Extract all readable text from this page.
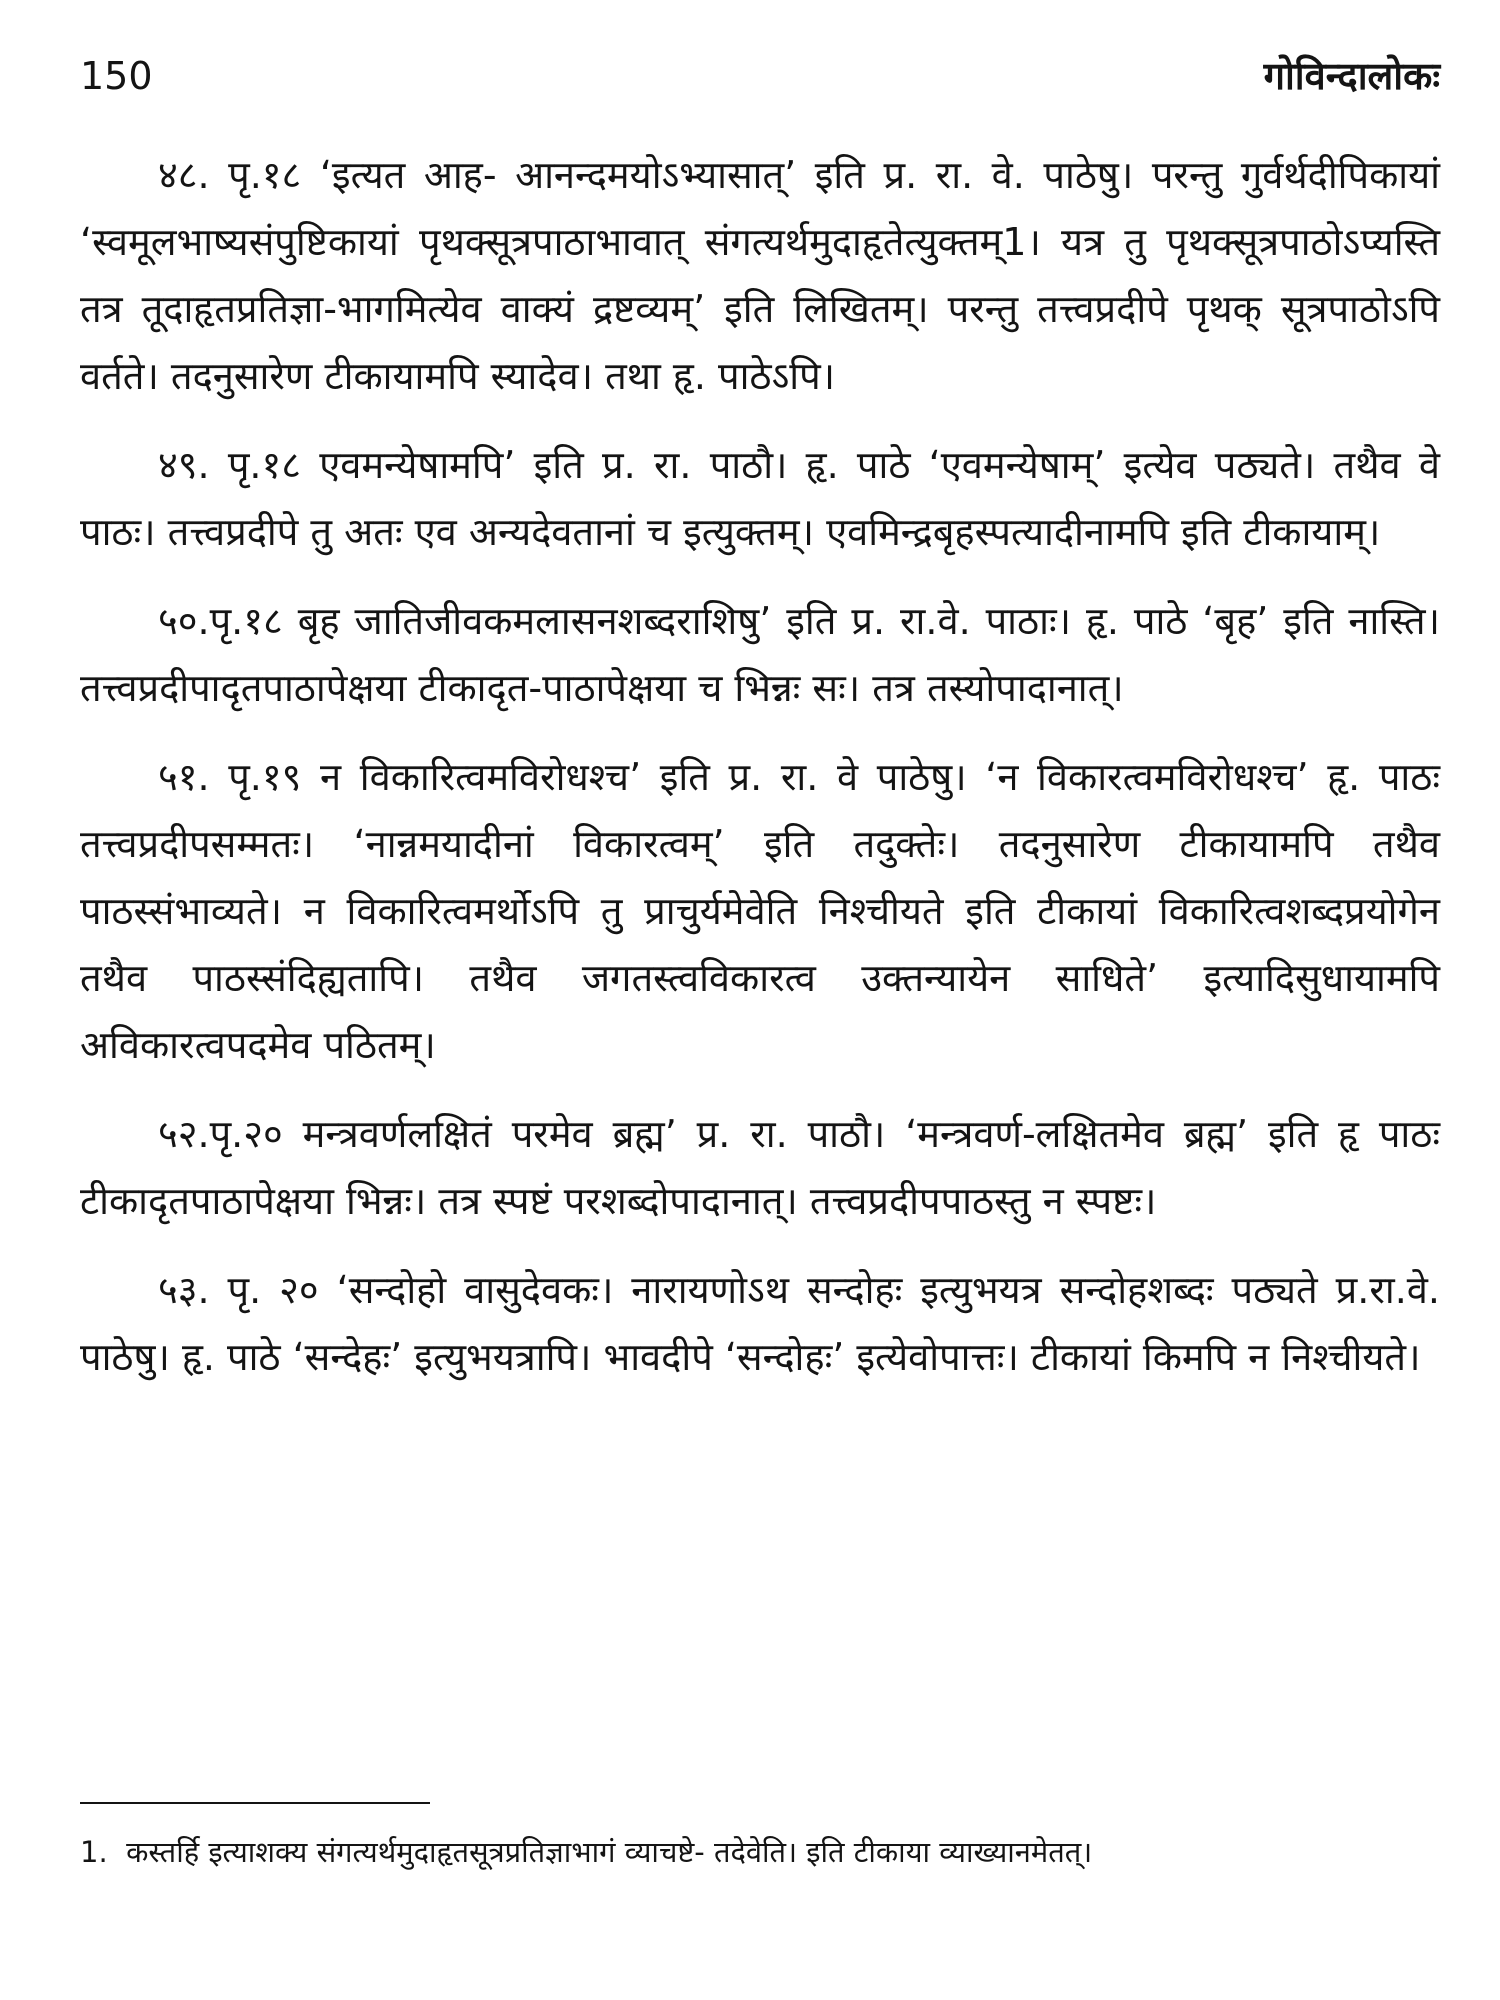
150	गोविन्दालोकः

४८. पृ.१८ ‘इत्यत आह- आनन्दमयोऽभ्यासात्’ इति प्र. रा. वे. पाठेषु। परन्तु गुर्वर्थदीपिकायां ‘स्वमूलभाष्यसंपुष्टिकायां पृथक्सूत्रपाठाभावात् संगत्यर्थमुदाहृतेत्युक्तम्1। यत्र तु पृथक्सूत्रपाठोऽप्यस्ति तत्र तूदाहृतप्रतिज्ञा-भागमित्येव वाक्यं द्रष्टव्यम्’ इति लिखितम्। परन्तु तत्त्वप्रदीपे पृथक् सूत्रपाठोऽपि वर्तते। तदनुसारेण टीकायामपि स्यादेव। तथा हृ. पाठेऽपि।

४९. पृ.१८ एवमन्येषामपि’ इति प्र. रा. पाठौ। हृ. पाठे ‘एवमन्येषाम्’ इत्येव पठ्यते। तथैव वे पाठः। तत्त्वप्रदीपे तु अतः एव अन्यदेवतानां च इत्युक्तम्। एवमिन्द्रबृहस्पत्यादीनामपि इति टीकायाम्।

५०.पृ.१८ बृह जातिजीवकमलासनशब्दराशिषु’ इति प्र. रा.वे. पाठाः। हृ. पाठे ‘बृह’ इति नास्ति। तत्त्वप्रदीपादृतपाठापेक्षया टीकादृत-पाठापेक्षया च भिन्नः सः। तत्र तस्योपादानात्।

५१. पृ.१९ न विकारित्वमविरोधश्च’ इति प्र. रा. वे पाठेषु। ‘न विकारत्वमविरोधश्च’ हृ. पाठः तत्त्वप्रदीपसम्मतः। ‘नान्नमयादीनां विकारत्वम्’ इति तदुक्तेः। तदनुसारेण टीकायामपि तथैव पाठस्संभाव्यते। न विकारित्वमर्थोऽपि तु प्राचुर्यमेवेति निश्चीयते इति टीकायां विकारित्वशब्दप्रयोगेन तथैव पाठस्संदिह्यतापि। तथैव जगतस्त्वविकारत्व उक्तन्यायेन साधिते’ इत्यादिसुधायामपि अविकारत्वपदमेव पठितम्।

५२.पृ.२० मन्त्रवर्णलक्षितं परमेव ब्रह्म’ प्र. रा. पाठौ। ‘मन्त्रवर्ण-लक्षितमेव ब्रह्म’ इति हृ पाठः टीकादृतपाठापेक्षया भिन्नः। तत्र स्पष्टं परशब्दोपादानात्। तत्त्वप्रदीपपाठस्तु न स्पष्टः।

५३. पृ. २० ‘सन्दोहो वासुदेवकः। नारायणोऽथ सन्दोहः इत्युभयत्र सन्दोहशब्दः पठ्यते प्र.रा.वे. पाठेषु। हृ. पाठे ‘सन्देहः’ इत्युभयत्रापि। भावदीपे ‘सन्दोहः’ इत्येवोपात्तः। टीकायां किमपि न निश्चीयते।

1. कस्तर्हि इत्याशक्य संगत्यर्थमुदाहृतसूत्रप्रतिज्ञाभागं व्याचष्टे- तदेवेति। इति टीकाया व्याख्यानमेतत्।
